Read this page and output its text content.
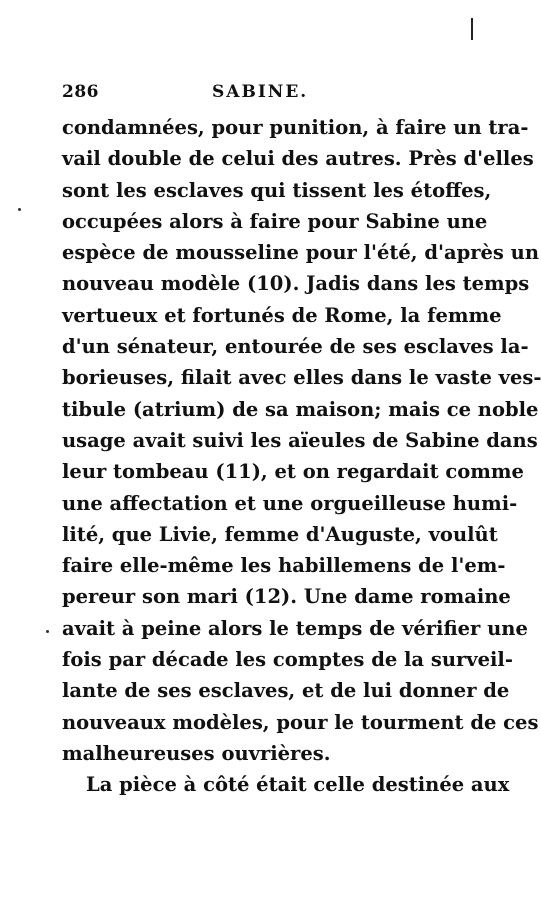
286	SABINE.
condamnées, pour punition, à faire un tra-
vail double de celui des autres. Près d'elles
sont les esclaves qui tissent les étoffes,
occupées alors à faire pour Sabine une
espèce de mousseline pour l'été, d'après un
nouveau modèle (10). Jadis dans les temps
vertueux et fortunés de Rome, la femme
d'un sénateur, entourée de ses esclaves la-
borieuses, filait avec elles dans le vaste ves-
tibule (atrium) de sa maison; mais ce noble
usage avait suivi les aïeules de Sabine dans
leur tombeau (11), et on regardait comme
une affectation et une orgueilleuse humi-
lité, que Livie, femme d'Auguste, voulût
faire elle-même les habillemens de l'em-
pereur son mari (12). Une dame romaine
avait à peine alors le temps de vérifier une
fois par décade les comptes de la surveil-
lante de ses esclaves, et de lui donner de
nouveaux modèles, pour le tourment de ces
malheureuses ouvrières.
La pièce à côté était celle destinée aux
